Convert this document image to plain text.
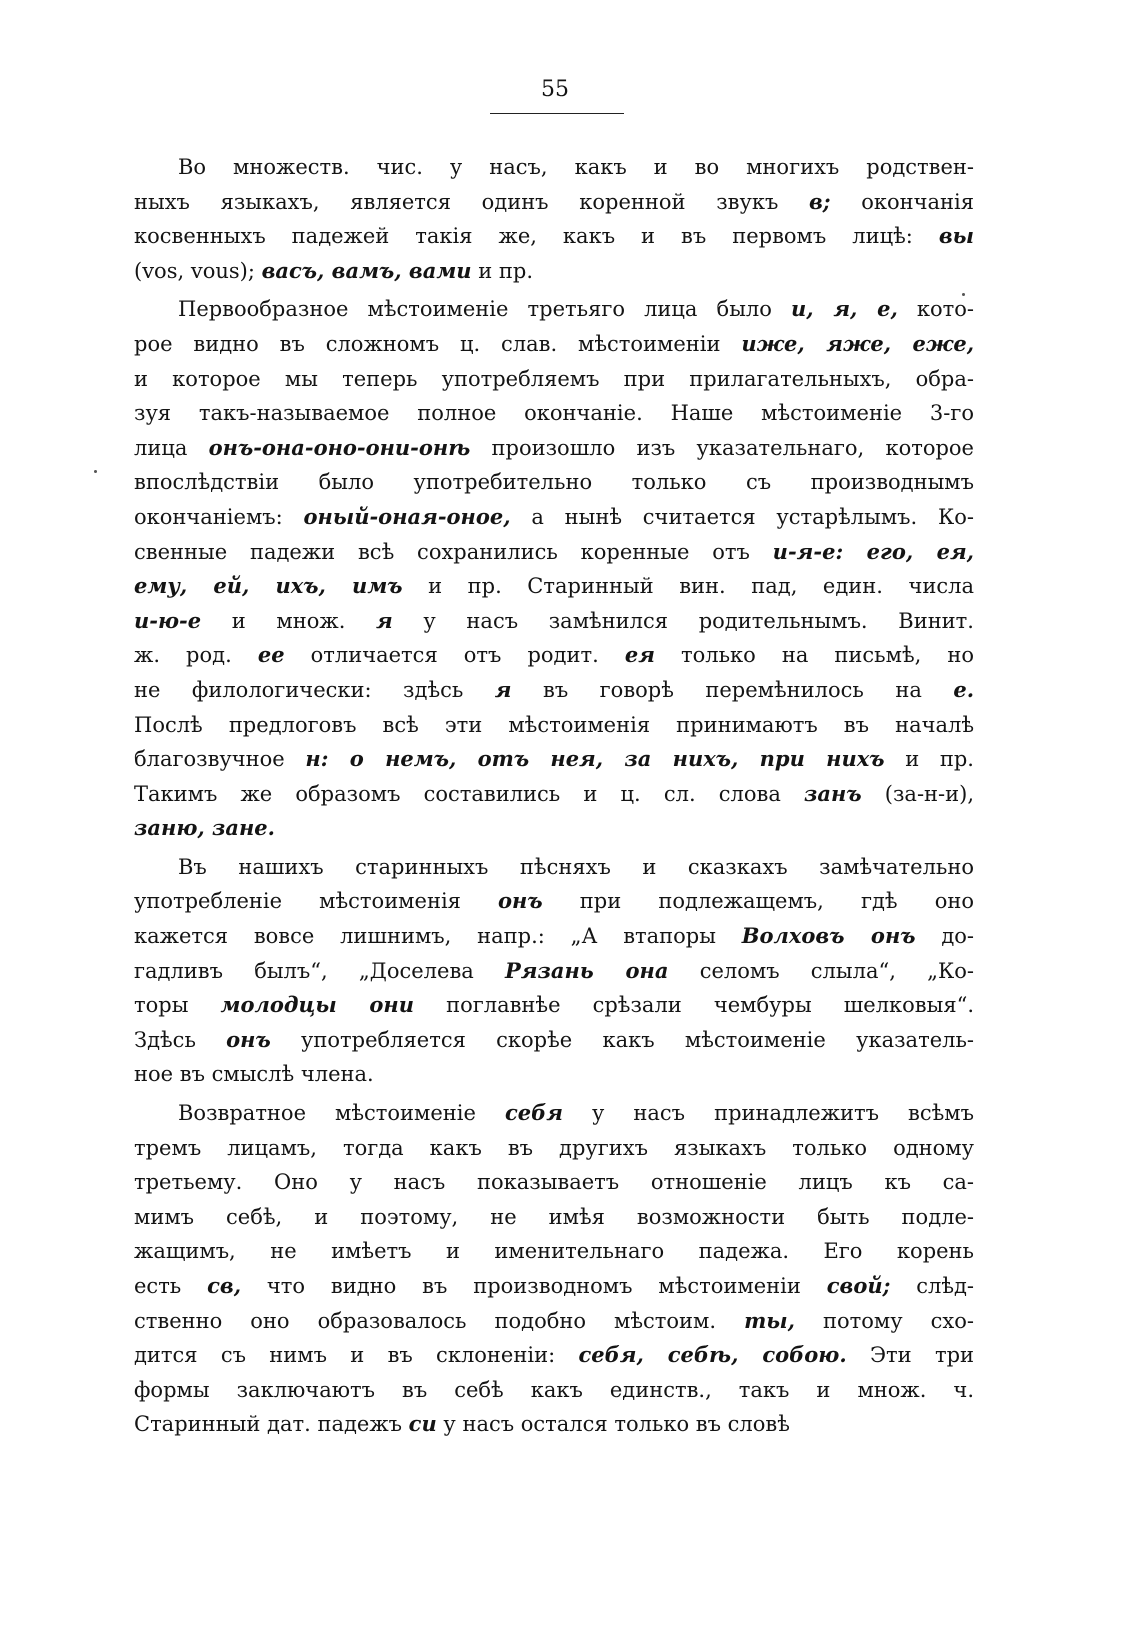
55
Во множеств. чис. у насъ, какъ и во многихъ родствен-
ныхъ языкахъ, является одинъ коренной звукъ в; окончанія
косвенныхъ падежей такія же, какъ и въ первомъ лицѣ: вы
(vos, vous); васъ, вамъ, вами и пр.
Первообразное мѣстоименіе третьяго лица было и, я, е, кото-
рое видно въ сложномъ ц. слав. мѣстоименіи иже, яже, еже,
и которое мы теперь употребляемъ при прилагательныхъ, обра-
зуя такъ-называемое полное окончаніе. Наше мѣстоименіе 3-го
лица онъ-она-оно-они-онѣ произошло изъ указательнаго, которое
впослѣдствіи было употребительно только съ производнымъ
окончаніемъ: оный-оная-оное, а нынѣ считается устарѣлымъ. Ко-
свенные падежи всѣ сохранились коренные отъ и-я-е: его, ея,
ему, ей, ихъ, имъ и пр. Старинный вин. пад, един. числа
и-ю-е и множ. я у насъ замѣнился родительнымъ. Винит.
ж. род. ее отличается отъ родит. ея только на письмѣ, но
не филологически: здѣсь я въ говорѣ перемѣнилось на е.
Послѣ предлоговъ всѣ эти мѣстоименія принимаютъ въ началѣ
благозвучное н: о немъ, отъ нея, за нихъ, при нихъ и пр.
Такимъ же образомъ составились и ц. сл. слова занъ (за-н-и),
заню, зане.
Въ нашихъ старинныхъ пѣсняхъ и сказкахъ замѣчательно
употребленіе мѣстоименія онъ при подлежащемъ, гдѣ оно
кажется вовсе лишнимъ, напр.: „А втапоры Волховъ онъ до-
гадливъ былъ“, „Доселева Рязань она селомъ слыла“, „Ко-
торы молодцы они поглавнѣе срѣзали чембуры шелковыя“.
Здѣсь онъ употребляется скорѣе какъ мѣстоименіе указатель-
ное въ смыслѣ члена.
Возвратное мѣстоименіе себя у насъ принадлежитъ всѣмъ
тремъ лицамъ, тогда какъ въ другихъ языкахъ только одному
третьему. Оно у насъ показываетъ отношеніе лицъ къ са-
мимъ себѣ, и поэтому, не имѣя возможности быть подле-
жащимъ, не имѣетъ и именительнаго падежа. Его корень
есть св, что видно въ производномъ мѣстоименіи свой; слѣд-
ственно оно образовалось подобно мѣстоим. ты, потому схо-
дится съ нимъ и въ склоненіи: себя, себѣ, собою. Эти три
формы заключаютъ въ себѣ какъ единств., такъ и множ. ч.
Старинный дат. падежъ си у насъ остался только въ словѣ
